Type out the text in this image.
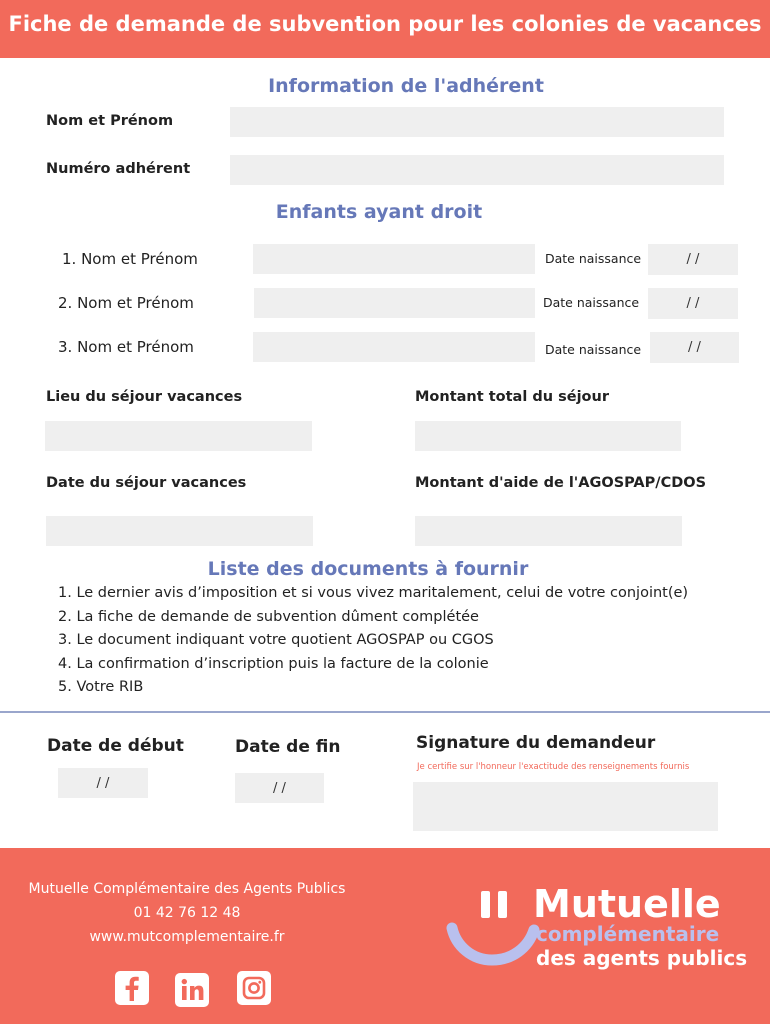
Fiche de demande de subvention pour les colonies de vacances
Information de l'adhérent
Nom et Prénom
Numéro adhérent
Enfants ayant droit
1. Nom et Prénom	Date naissance	/ /
2. Nom et Prénom	Date naissance	/ /
3. Nom et Prénom	Date naissance	/ /
Lieu du séjour vacances	Montant total du séjour
Date du séjour vacances	Montant d'aide de l'AGOSPAP/CDOS
Liste des documents à fournir
1. Le dernier avis d’imposition et si vous vivez maritalement, celui de votre conjoint(e)
2. La fiche de demande de subvention dûment complétée
3. Le document indiquant votre quotient AGOSPAP ou CGOS
4. La confirmation d’inscription puis la facture de la colonie
5. Votre RIB
Date de début
/ /
Date de fin
/ /
Signature du demandeur
Je certifie sur l'honneur l'exactitude des renseignements fournis
Mutuelle Complémentaire des Agents Publics
01 42 76 12 48
www.mutcomplementaire.fr
Mutuelle
complémentaire
des agents publics
